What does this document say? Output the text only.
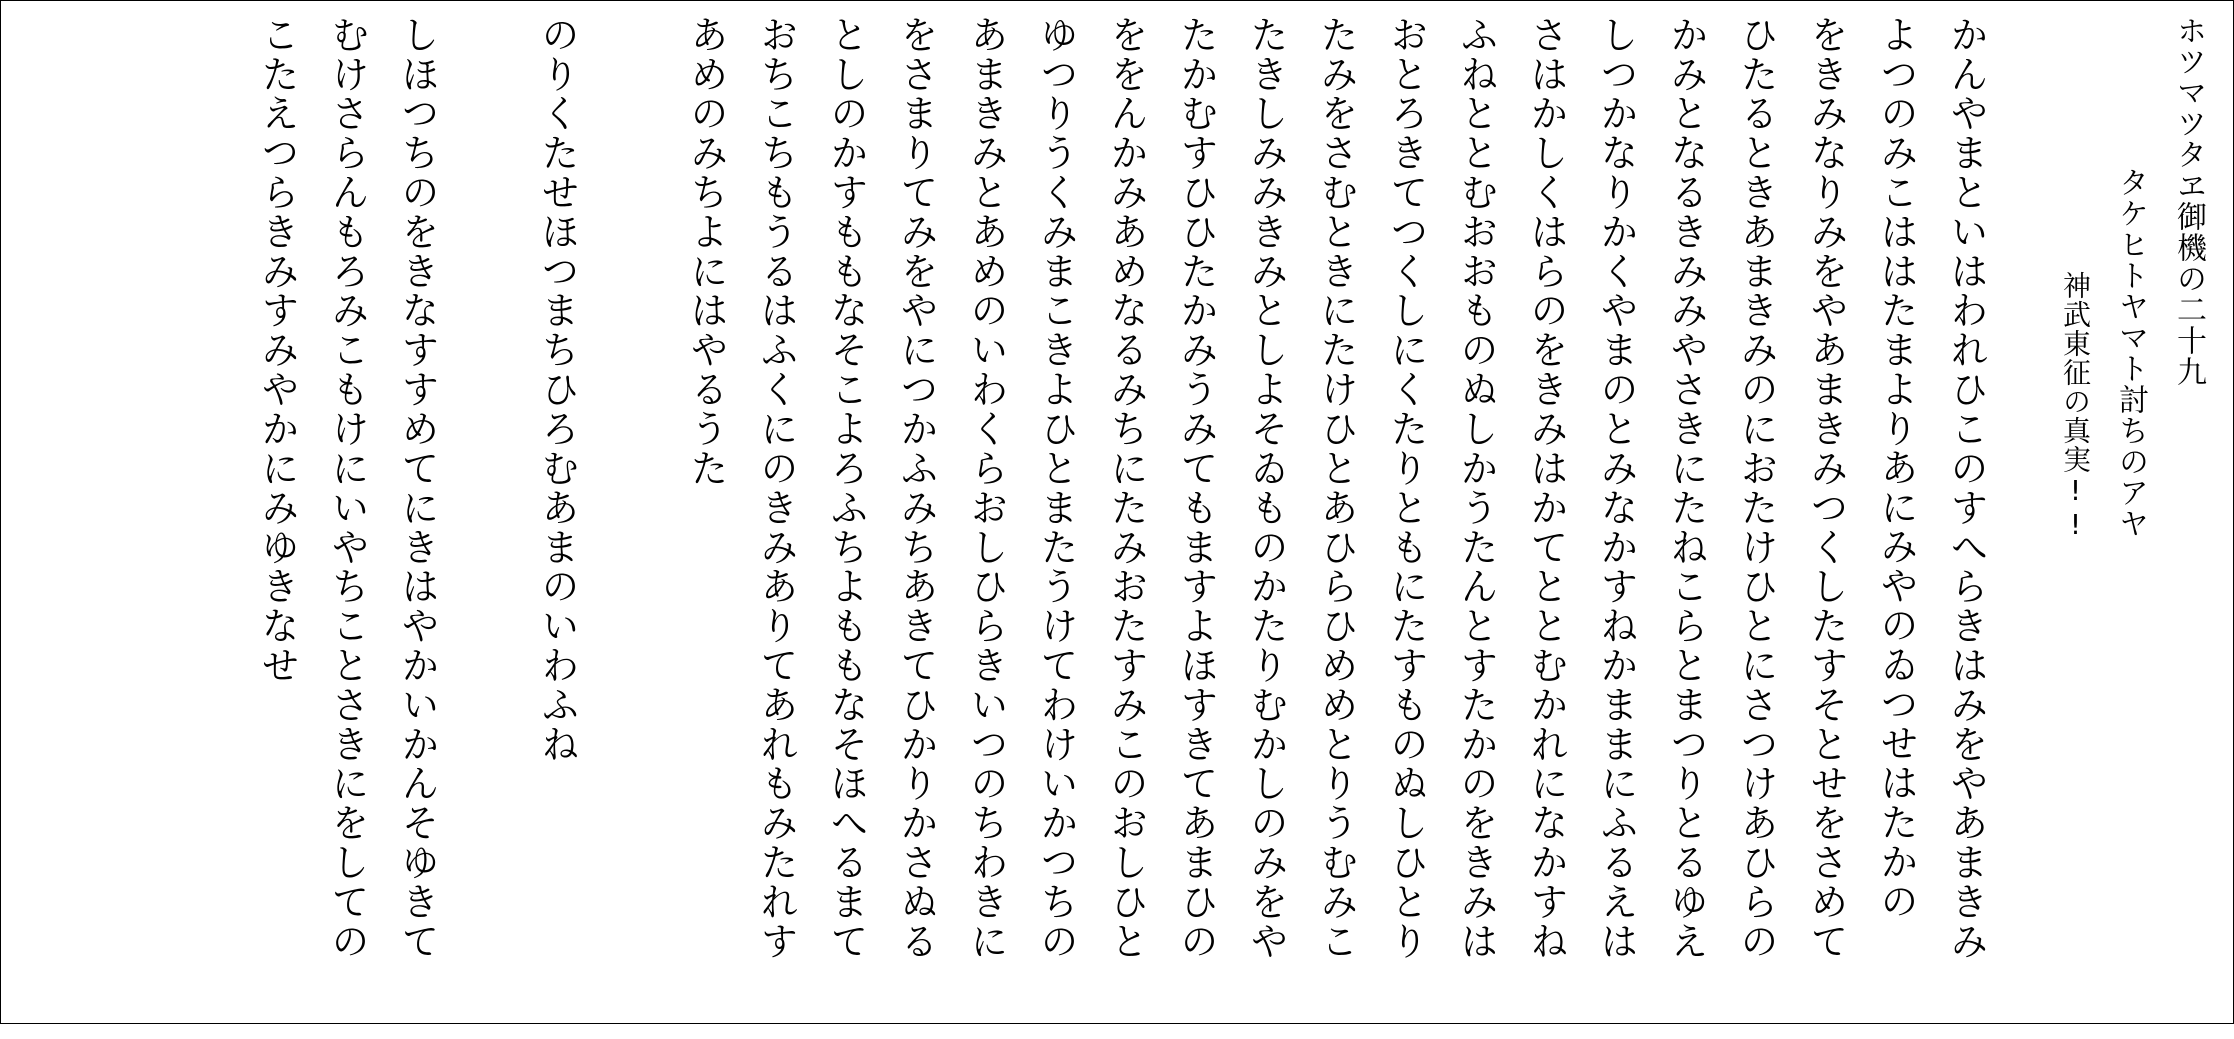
ホツマツタヱ御機の二十九
タケヒトヤマト討ちのアヤ
神武東征の真実!!
かんやまといはわれひこのすへらきはみをやあまきみ
よつのみこははたまよりあにみやのゐつせはたかの
をきみなりみをやあまきみつくしたすそとせをさめて
ひたるときあまきみのにおたけひとにさつけあひらの
かみとなるきみみやさきにたねこらとまつりとるゆえ
しつかなりかくやまのとみなかすねかままにふるえは
さはかしくはらのをきみはかてととむかれになかすね
ふねととむおおものぬしかうたんとすたかのをきみは
おとろきてつくしにくたりともにたすものぬしひとり
たみをさむときにたけひとあひらひめめとりうむみこ
たきしみみきみとしよそゐものかたりむかしのみをや
たかむすひひたかみうみてもますよほすきてあまひの
ををんかみあめなるみちにたみおたすみこのおしひと
ゆつりうくみまこきよひとまたうけてわけいかつちの
あまきみとあめのいわくらおしひらきいつのちわきに
をさまりてみをやにつかふみちあきてひかりかさぬる
としのかすももなそこよろふちよももなそほへるまて
おちこちもうるはふくにのきみありてあれもみたれす
あめのみちよにはやるうた
のりくたせほつまちひろむあまのいわふね
しほつちのをきなすすめてにきはやかいかんそゆきて
むけさらんもろみこもけにいやちことさきにをしての
こたえつらきみすみやかにみゆきなせ
